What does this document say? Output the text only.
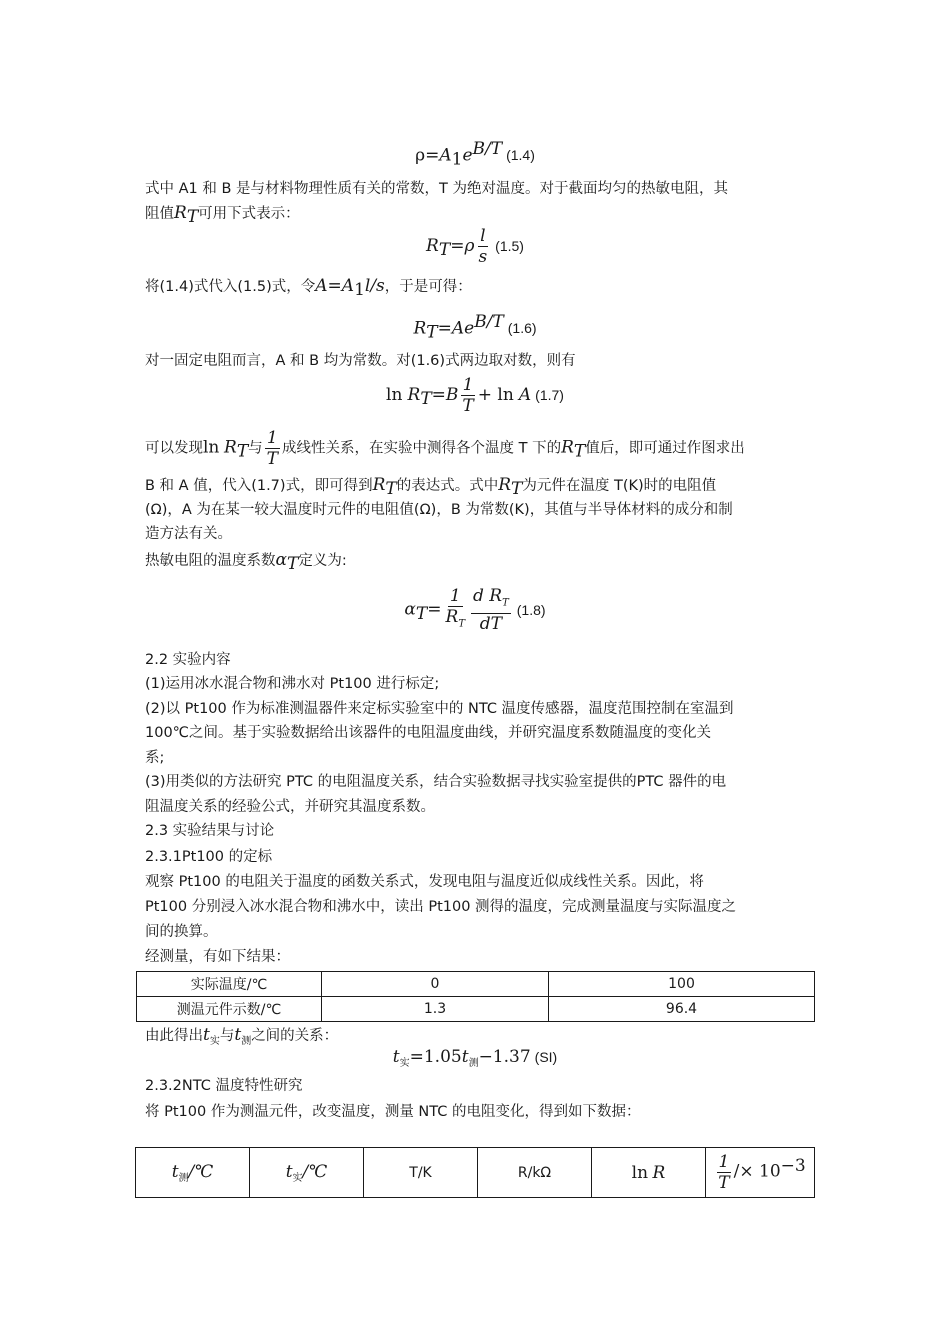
$\rho=A_1e^{B/T}$ (1.4)
式中 A1 和 B 是与材料物理性质有关的常数，T 为绝对温度。对于截面均匀的热敏电阻，其
阻值$R_T$可用下式表示：
$R_T=\rho \frac{l}{s} (1.5)$
将(1.4)式代入(1.5)式，令$A=A_1l/s$，于是可得：
$R_T=Ae^{B/T}$ (1.6)
对一固定电阻而言，A 和 B 均为常数。对(1.6)式两边取对数，则有
$\ln R_T=B \frac{1}{T} + \ln A$ (1.7)
可以发现$\ln R_T$与 $\frac{1}{T}$ 成线性关系，在实验中测得各个温度 T 下的$R_T$值后，即可通过作图求出
B 和 A 值，代入(1.7)式，即可得到$R_T$的表达式。式中$R_T$为元件在温度 T(K)时的电阻值
(Ω)，A 为在某一较大温度时元件的电阻值(Ω)，B 为常数(K)，其值与半导体材料的成分和制
造方法有关。
热敏电阻的温度系数$\alpha_T$定义为:
$\alpha_T= \frac{1}{R_T} \frac{d R_T}{dT} (1.8)$
2.2 实验内容
(1)运用冰水混合物和沸水对 Pt100 进行标定;
(2)以 Pt100 作为标准测温器件来定标实验室中的 NTC 温度传感器，温度范围控制在室温到
100℃之间。基于实验数据给出该器件的电阻温度曲线，并研究温度系数随温度的变化关
系;
(3)用类似的方法研究 PTC 的电阻温度关系，结合实验数据寻找实验室提供的PTC 器件的电
阻温度关系的经验公式，并研究其温度系数。
2.3 实验结果与讨论
2.3.1Pt100 的定标
观察 Pt100 的电阻关于温度的函数关系式，发现电阻与温度近似成线性关系。因此，将
Pt100 分别浸入冰水混合物和沸水中，读出 Pt100 测得的温度，完成测量温度与实际温度之
间的换算。
经测量，有如下结果：
实际温度/℃	0	100
测温元件示数/℃	1.3	96.4
由此得出$t_实$与$t_测$之间的关系：
$t_实=1.05t_测-1.37$ (SI)
2.3.2NTC 温度特性研究
将 Pt100 作为测温元件，改变温度，测量 NTC 的电阻变化，得到如下数据：
$t_测/℃$	$t_实/℃$	T/K	R/kΩ	ln R	$\frac{1}{T} /\times 10^{-3}$
